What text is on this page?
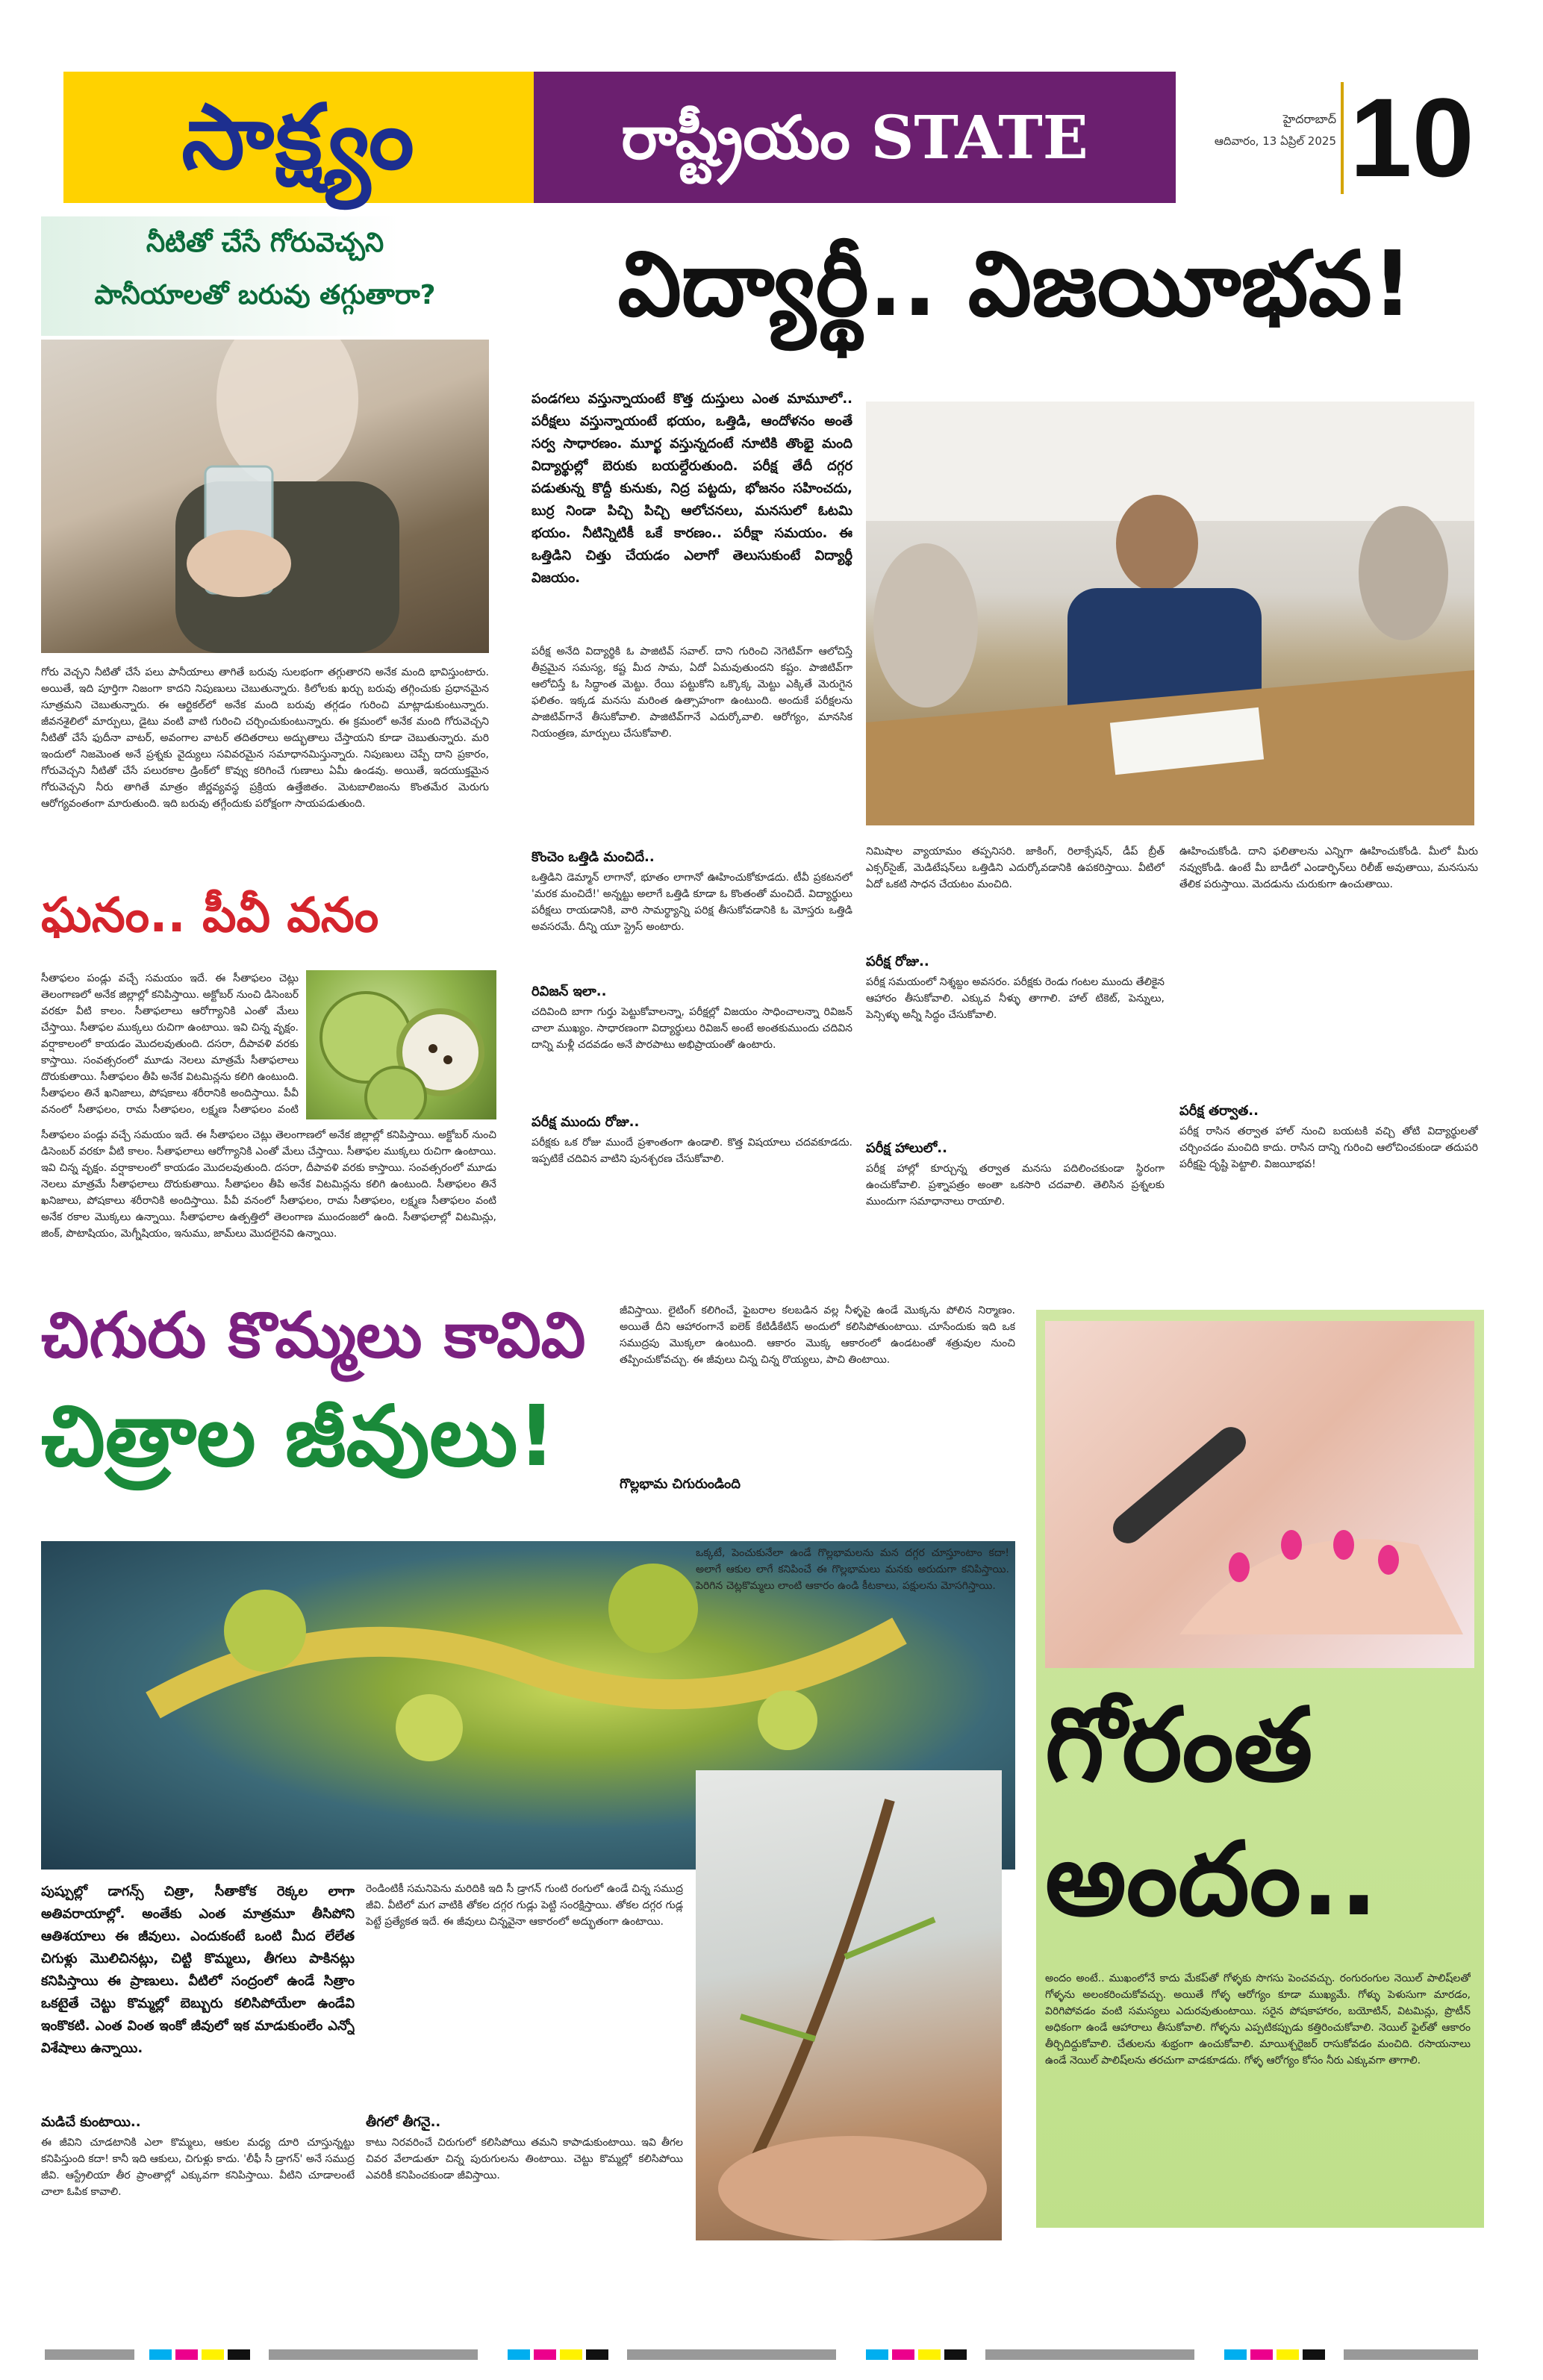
సాక్ష్యం	రాష్ట్రీయం STATE	హైదరాబాద్
ఆదివారం, 13 ఏప్రిల్ 2025 10
నీటితో చేసే గోరువెచ్చని
పానీయాలతో బరువు తగ్గుతారా?
గోరు వెచ్చని నీటితో చేసే పలు పానీయాలు తాగితే బరువు సులభంగా తగ్గుతారని అనేక మంది భావిస్తుంటారు. అయితే, ఇది పూర్తిగా నిజంగా కాదని నిపుణులు చెబుతున్నారు. కిలోలకు ఖర్చు బరువు తగ్గించుకు ప్రధానమైన సూత్రమని చెబుతున్నారు. ఈ ఆర్టికల్‌లో అనేక మంది బరువు తగ్గడం గురించి మాట్లాడుకుంటున్నారు. జీవనశైలిలో మార్పులు, డైటు వంటి వాటి గురించి చర్చించుకుంటున్నారు. ఈ క్రమంలో అనేక మంది గోరువెచ్చని నీటితో చేసే ఫుదీనా వాటర్, అవంగాల వాటర్ తదితరాలు అద్భుతాలు చేస్తాయని కూడా చెబుతున్నారు. మరి ఇందులో నిజమెంత అనే ప్రశ్నకు వైద్యులు సవివరమైన సమాధానమిస్తున్నారు. నిపుణులు చెప్పే దాని ప్రకారం, గోరువెచ్చని నీటితో చేసే పలురకాల డ్రింక్‌లో కొవ్వు కరిగించే గుణాలు ఏమీ ఉండవు. అయితే, ఇదయుక్తమైన గోరువెచ్చని నీరు తాగితే మాత్రం జీర్ణవ్యవస్థ ప్రక్రియ ఉత్తేజితం. మెటబాలిజంను కొంతమేర మెరుగు ఆరోగ్యవంతంగా మారుతుంది. ఇది బరువు తగ్గేందుకు పరోక్షంగా సాయపడుతుంది.
విద్యార్థీ.. విజయీభవ!
పండగలు వస్తున్నాయంటే కొత్త దుస్తులు ఎంత మామూలో.. పరీక్షలు వస్తున్నాయంటే భయం, ఒత్తిడి, ఆందోళనం అంతే సర్వ సాధారణం. మూర్ఖ వస్తున్నదంటే నూటికి తొంభై మంది విద్యార్థుల్లో బెరుకు బయల్దేరుతుంది. పరీక్ష తేదీ దగ్గర పడుతున్న కొద్దీ కునుకు, నిద్ర పట్టదు, భోజనం సహించదు, బుర్ర నిండా పిచ్చి పిచ్చి ఆలోచనలు, మనసులో ఓటమి భయం. నీటిన్నిటికీ ఒకే కారణం.. పరీక్షా సమయం. ఈ ఒత్తిడిని చిత్తు చేయడం ఎలాగో తెలుసుకుంటే విద్యార్థీ విజయం.
పరీక్ష అనేది విద్యార్థికి ఓ పాజిటివ్ సవాల్. దాని గురించి నెగెటివ్‌గా ఆలోచిస్తే తీవ్రమైన సమస్య, కష్ట మీద సామ, ఏదో ఏమవుతుందని కష్టం. పాజిటివ్‌గా ఆలోచిస్తే ఓ సిద్ధాంత మెట్టు. రేయి పట్టుకోని ఒక్కొక్క మెట్టు ఎక్కితే మెరుగైన ఫలితం. ఇక్కడ మనసు మరింత ఉత్సాహంగా ఉంటుంది. అందుకే పరీక్షలను పాజిటివ్‌గానే తీసుకోవాలి. పాజిటివ్‌గానే ఎదుర్కోవాలి. ఆరోగ్యం, మానసిక నియంత్రణ, మార్పులు చేసుకోవాలి.
కొంచెం ఒత్తిడి మంచిదే..
ఒత్తిడిని డెమ్మాన్ లాగానో, భూతం లాగానో ఊహించుకోకూడదు. టీవీ ప్రకటనలో 'మరక మంచిదే!' అన్నట్టు అలాగే ఒత్తిడి కూడా ఓ కొంతంతో మంచిదే. విద్యార్థులు పరీక్షలు రాయడానికి, వారి సామర్థ్యాన్ని పరిక్ష తీసుకోవడానికి ఓ మోస్తరు ఒత్తిడి అవసరమే. దీన్ని యూ స్ట్రెస్ అంటారు.
రివిజన్ ఇలా..
చదివింది బాగా గుర్తు పెట్టుకోవాలన్నా, పరీక్షల్లో విజయం సాధించాలన్నా రివిజన్ చాలా ముఖ్యం. సాధారణంగా విద్యార్థులు రివిజన్ అంటే అంతకుముందు చదివిన దాన్ని మళ్లీ చదవడం అనే పొరపాటు అభిప్రాయంతో ఉంటారు.
పరీక్ష ముందు రోజు..
పరీక్షకు ఒక రోజు ముందే ప్రశాంతంగా ఉండాలి. కొత్త విషయాలు చదవకూడదు. ఇప్పటికే చదివిన వాటిని పునశ్చరణ చేసుకోవాలి.
నిమిషాల వ్యాయామం తప్పనిసరి. జాకింగ్, రిలాక్సేషన్, డీప్ బ్రీత్ ఎక్సర్‌సైజ్, మెడిటేషన్‌లు ఒత్తిడిని ఎదుర్కోవడానికి ఉపకరిస్తాయి. వీటిలో ఏదో ఒకటి సాధన చేయటం మంచిది.
పరీక్ష రోజు..
పరీక్ష సమయంలో నిశ్శబ్దం అవసరం. పరీక్షకు రెండు గంటల ముందు తేలికైన ఆహారం తీసుకోవాలి. ఎక్కువ నీళ్ళు తాగాలి. హాల్ టికెట్, పెన్నులు, పెన్సిళ్ళు అన్నీ సిద్ధం చేసుకోవాలి.
పరీక్ష హాలులో..
పరీక్ష హాల్లో కూర్చున్న తర్వాత మనసు పదిలించకుండా స్థిరంగా ఉంచుకోవాలి. ప్రశ్నాపత్రం అంతా ఒకసారి చదవాలి. తెలిసిన ప్రశ్నలకు ముందుగా సమాధానాలు రాయాలి.
ఊహించుకోండి. దాని ఫలితాలను ఎన్నిగా ఊహించుకోండి. మీలో మీరు నవ్వుకోండి. ఉంటే మీ బాడీలో ఎండార్ఫిన్‌లు రిలీజ్ అవుతాయి, మనసును తేలిక పరుస్తాయి. మెదడును చురుకుగా ఉంచుతాయి.
పరీక్ష తర్వాత..
పరీక్ష రాసిన తర్వాత హాల్ నుంచి బయటకి వచ్చి తోటి విద్యార్థులతో చర్చించడం మంచిది కాదు. రాసిన దాన్ని గురించి ఆలోచించకుండా తదుపరి పరీక్షపై దృష్టి పెట్టాలి. విజయీభవ!
ఘనం.. పీవీ వనం
సీతాఫలం పండ్లు వచ్చే సమయం ఇదే. ఈ సీతాఫలం చెట్లు తెలంగాణలో అనేక జిల్లాల్లో కనిపిస్తాయి. అక్టోబర్ నుంచి డిసెంబర్ వరకూ వీటి కాలం. సీతాఫలాలు ఆరోగ్యానికి ఎంతో మేలు చేస్తాయి. సీతాఫల ముక్కలు రుచిగా ఉంటాయి. ఇవి చిన్న వృక్షం. వర్షాకాలంలో కాయడం మొదలవుతుంది. దసరా, దీపావళి వరకు కాస్తాయి. సంవత్సరంలో మూడు నెలలు మాత్రమే సీతాఫలాలు దొరుకుతాయి. సీతాఫలం తీపి అనేక విటమిన్లను కలిగి ఉంటుంది. సీతాఫలం తినే ఖనిజాలు, పోషకాలు శరీరానికి అందిస్తాయి. పీవీ వనంలో సీతాఫలం, రామ సీతాఫలం, లక్ష్మణ సీతాఫలం వంటి
సీతాఫలం పండ్లు వచ్చే సమయం ఇదే. ఈ సీతాఫలం చెట్లు తెలంగాణలో అనేక జిల్లాల్లో కనిపిస్తాయి. అక్టోబర్ నుంచి డిసెంబర్ వరకూ వీటి కాలం. సీతాఫలాలు ఆరోగ్యానికి ఎంతో మేలు చేస్తాయి. సీతాఫల ముక్కలు రుచిగా ఉంటాయి. ఇవి చిన్న వృక్షం. వర్షాకాలంలో కాయడం మొదలవుతుంది. దసరా, దీపావళి వరకు కాస్తాయి. సంవత్సరంలో మూడు నెలలు మాత్రమే సీతాఫలాలు దొరుకుతాయి. సీతాఫలం తీపి అనేక విటమిన్లను కలిగి ఉంటుంది. సీతాఫలం తినే ఖనిజాలు, పోషకాలు శరీరానికి అందిస్తాయి. పీవీ వనంలో సీతాఫలం, రామ సీతాఫలం, లక్ష్మణ సీతాఫలం వంటి అనేక రకాల మొక్కలు ఉన్నాయి. సీతాఫలాల ఉత్పత్తిలో తెలంగాణ ముందంజలో ఉంది. సీతాఫలాల్లో విటమిన్లు, జింక్, పొటాషియం, మెగ్నీషియం, ఇనుము, జామ్‌లు మొదలైనవి ఉన్నాయి.
చిగురు కొమ్మలు కావివి
చిత్రాల జీవులు!
జీవిస్తాయి. లైటింగ్ కలిగించే, ఫైబరాల కలబడిన వల్ల నీళ్ళపై ఉండే మొక్కను పోలిన నిర్మాణం. అయితే దీని ఆహారంగానే ఐలెక్ కేటిడీకేటిస్ అందులో కలిసిపోతుంటాయి. చూసేందుకు ఇది ఒక సముద్రపు మొక్కలా ఉంటుంది. ఆకారం మొక్క ఆకారంలో ఉండటంతో శత్రువుల నుంచి తప్పించుకోవచ్చు. ఈ జీవులు చిన్న చిన్న రొయ్యలు, పాచి తింటాయి.
గొల్లభామ చిగురుండింది
ఒక్కటే, పెంచుకునేలా ఉండే గొల్లభామలను మన దగ్గర చూస్తూంటాం కదా! అలాగే ఆకుల లాగే కనిపించే ఈ గొల్లభామలు మనకు అరుదుగా కనిపిస్తాయి. పెరిగిన చెట్లకొమ్మలు లాంటి ఆకారం ఉండి కీటకాలు, పక్షులను మోసగిస్తాయి.
పుష్పుల్లో డాగన్స్ చిత్రా, సీతాకోక రెక్కల లాగా అతివరాయాల్లో. అంతేకు ఎంత మాత్రమూ తీసిపోని ఆతిశయాలు ఈ జీవులు. ఎందుకంటే ఒంటి మీద లేలేత చిగుళ్లు మొలిచినట్లు, చిట్టి కొమ్మలు, తీగలు పాకినట్లు కనిపిస్తాయి ఈ ప్రాణులు. వీటిలో సంద్రంలో ఉండే సిత్రాం ఒకటైతే చెట్టు కొమ్మల్లో బెబ్బురు కలిసిపోయేలా ఉండేవి ఇంకొకటి. ఎంత వింత ఇంకో జీవులో ఇక మాడుకుంలేం ఎన్నో విశేషాలు ఉన్నాయి.
మడిచే కుంటాయి..
ఈ జీవిని చూడటానికి ఎలా కొమ్మలు, ఆకుల మధ్య దూరి చూస్తున్నట్టు కనిపిస్తుంది కదా! కానీ ఇది ఆకులు, చిగుళ్లు కాదు. 'లీఫీ సీ డ్రాగన్' అనే సముద్ర జీవి. ఆస్ట్రేలియా తీర ప్రాంతాల్లో ఎక్కువగా కనిపిస్తాయి. వీటిని చూడాలంటే చాలా ఓపిక కావాలి.
రెండింటికీ సమనిపెను మరిదికి ఇది సీ డ్రాగన్ గుంటి రంగులో ఉండే చిన్న సముద్ర జీవి. వీటిలో మగ వాటికి తోకల దగ్గర గుడ్లు పెట్టి సంరక్షిస్తాయి. తోకల దగ్గర గుడ్ల పెట్టే ప్రత్యేకత ఇదే. ఈ జీవులు చిన్నవైనా ఆకారంలో అద్భుతంగా ఉంటాయి.
తీగలో తీగనై..
కాటు నిరవరించే చిరుగులో కలిసిపోయి తమని కాపాడుకుంటాయి. ఇవి తీగల చివర వేలాడుతూ చిన్న పురుగులను తింటాయి. చెట్టు కొమ్మల్లో కలిసిపోయి ఎవరికీ కనిపించకుండా జీవిస్తాయి.
గోరంత
అందం..
అందం అంటే.. ముఖంలోనే కాదు మేకప్‌తో గోళ్ళకు సొగసు పెంచవచ్చు. రంగురంగుల నెయిల్ పాలిష్‌లతో గోళ్ళను అలంకరించుకోవచ్చు. అయితే గోళ్ళ ఆరోగ్యం కూడా ముఖ్యమే. గోళ్ళు పెళుసుగా మారడం, విరిగిపోవడం వంటి సమస్యలు ఎదురవుతుంటాయి. సరైన పోషకాహారం, బయోటిన్, విటమిన్లు, ప్రొటీన్ అధికంగా ఉండే ఆహారాలు తీసుకోవాలి. గోళ్ళను ఎప్పటికప్పుడు కత్తిరించుకోవాలి. నెయిల్ ఫైల్‌తో ఆకారం తీర్చిదిద్దుకోవాలి. చేతులను శుభ్రంగా ఉంచుకోవాలి. మాయిశ్చరైజర్ రాసుకోవడం మంచిది. రసాయనాలు ఉండే నెయిల్ పాలిష్‌లను తరచుగా వాడకూడదు. గోళ్ళ ఆరోగ్యం కోసం నీరు ఎక్కువగా తాగాలి.
